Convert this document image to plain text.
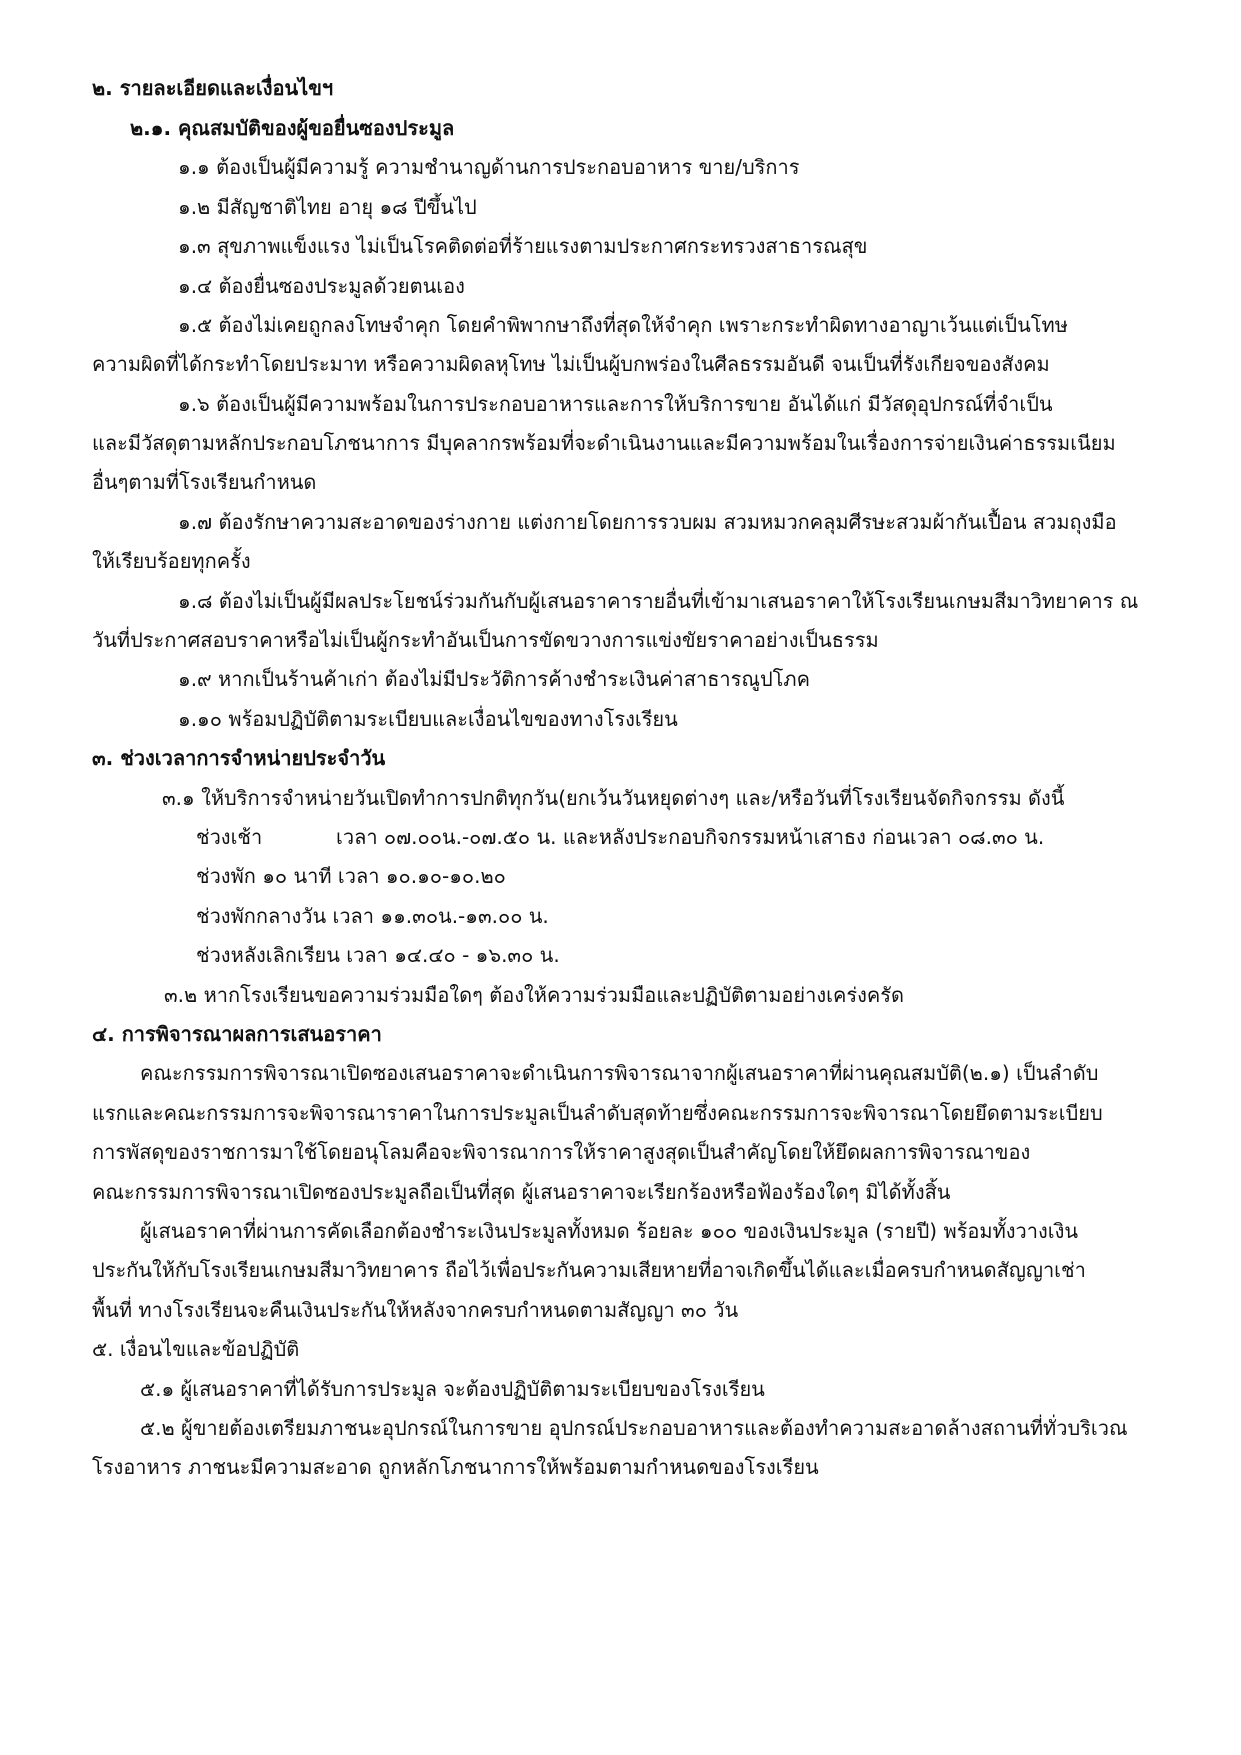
๒. รายละเอียดและเงื่อนไขฯ
๒.๑. คุณสมบัติของผู้ขอยื่นซองประมูล
๑.๑ ต้องเป็นผู้มีความรู้ ความชำนาญด้านการประกอบอาหาร ขาย/บริการ
๑.๒ มีสัญชาติไทย อายุ ๑๘ ปีขึ้นไป
๑.๓ สุขภาพแข็งแรง ไม่เป็นโรคติดต่อที่ร้ายแรงตามประกาศกระทรวงสาธารณสุข
๑.๔ ต้องยื่นซองประมูลด้วยตนเอง
๑.๕ ต้องไม่เคยถูกลงโทษจำคุก โดยคำพิพากษาถึงที่สุดให้จำคุก เพราะกระทำผิดทางอาญาเว้นแต่เป็นโทษ
ความผิดที่ได้กระทำโดยประมาท หรือความผิดลหุโทษ ไม่เป็นผู้บกพร่องในศีลธรรมอันดี จนเป็นที่รังเกียจของสังคม
๑.๖ ต้องเป็นผู้มีความพร้อมในการประกอบอาหารและการให้บริการขาย อันได้แก่ มีวัสดุอุปกรณ์ที่จำเป็น
และมีวัสดุตามหลักประกอบโภชนาการ มีบุคลากรพร้อมที่จะดำเนินงานและมีความพร้อมในเรื่องการจ่ายเงินค่าธรรมเนียม
อื่นๆตามที่โรงเรียนกำหนด
๑.๗ ต้องรักษาความสะอาดของร่างกาย แต่งกายโดยการรวบผม สวมหมวกคลุมศีรษะสวมผ้ากันเปื้อน สวมถุงมือ
ให้เรียบร้อยทุกครั้ง
๑.๘ ต้องไม่เป็นผู้มีผลประโยชน์ร่วมกันกับผู้เสนอราคารายอื่นที่เข้ามาเสนอราคาให้โรงเรียนเกษมสีมาวิทยาคาร ณ
วันที่ประกาศสอบราคาหรือไม่เป็นผู้กระทำอันเป็นการขัดขวางการแข่งขัยราคาอย่างเป็นธรรม
๑.๙ หากเป็นร้านค้าเก่า ต้องไม่มีประวัติการค้างชำระเงินค่าสาธารณูปโภค
๑.๑๐ พร้อมปฏิบัติตามระเบียบและเงื่อนไขของทางโรงเรียน
๓. ช่วงเวลาการจำหน่ายประจำวัน
๓.๑ ให้บริการจำหน่ายวันเปิดทำการปกติทุกวัน(ยกเว้นวันหยุดต่างๆ และ/หรือวันที่โรงเรียนจัดกิจกรรม ดังนี้
ช่วงเช้า	เวลา ๐๗.๐๐น.-๐๗.๕๐ น. และหลังประกอบกิจกรรมหน้าเสาธง ก่อนเวลา ๐๘.๓๐ น.
ช่วงพัก ๑๐ นาที เวลา ๑๐.๑๐-๑๐.๒๐
ช่วงพักกลางวัน เวลา ๑๑.๓๐น.-๑๓.๐๐ น.
ช่วงหลังเลิกเรียน เวลา ๑๔.๔๐ - ๑๖.๓๐ น.
๓.๒ หากโรงเรียนขอความร่วมมือใดๆ ต้องให้ความร่วมมือและปฏิบัติตามอย่างเคร่งครัด
๔. การพิจารณาผลการเสนอราคา
คณะกรรมการพิจารณาเปิดซองเสนอราคาจะดำเนินการพิจารณาจากผู้เสนอราคาที่ผ่านคุณสมบัติ(๒.๑) เป็นลำดับ
แรกและคณะกรรมการจะพิจารณาราคาในการประมูลเป็นลำดับสุดท้ายซึ่งคณะกรรมการจะพิจารณาโดยยึดตามระเบียบ
การพัสดุของราชการมาใช้โดยอนุโลมคือจะพิจารณาการให้ราคาสูงสุดเป็นสำคัญโดยให้ยึดผลการพิจารณาของ
คณะกรรมการพิจารณาเปิดซองประมูลถือเป็นที่สุด ผู้เสนอราคาจะเรียกร้องหรือฟ้องร้องใดๆ มิได้ทั้งสิ้น
ผู้เสนอราคาที่ผ่านการคัดเลือกต้องชำระเงินประมูลทั้งหมด ร้อยละ ๑๐๐ ของเงินประมูล (รายปี) พร้อมทั้งวางเงิน
ประกันให้กับโรงเรียนเกษมสีมาวิทยาคาร ถือไว้เพื่อประกันความเสียหายที่อาจเกิดขึ้นได้และเมื่อครบกำหนดสัญญาเช่า
พื้นที่ ทางโรงเรียนจะคืนเงินประกันให้หลังจากครบกำหนดตามสัญญา ๓๐ วัน
๕. เงื่อนไขและข้อปฏิบัติ
๕.๑ ผู้เสนอราคาที่ได้รับการประมูล จะต้องปฏิบัติตามระเบียบของโรงเรียน
๕.๒ ผู้ขายต้องเตรียมภาชนะอุปกรณ์ในการขาย อุปกรณ์ประกอบอาหารและต้องทำความสะอาดล้างสถานที่ทั่วบริเวณ
โรงอาหาร ภาชนะมีความสะอาด ถูกหลักโภชนาการให้พร้อมตามกำหนดของโรงเรียน
